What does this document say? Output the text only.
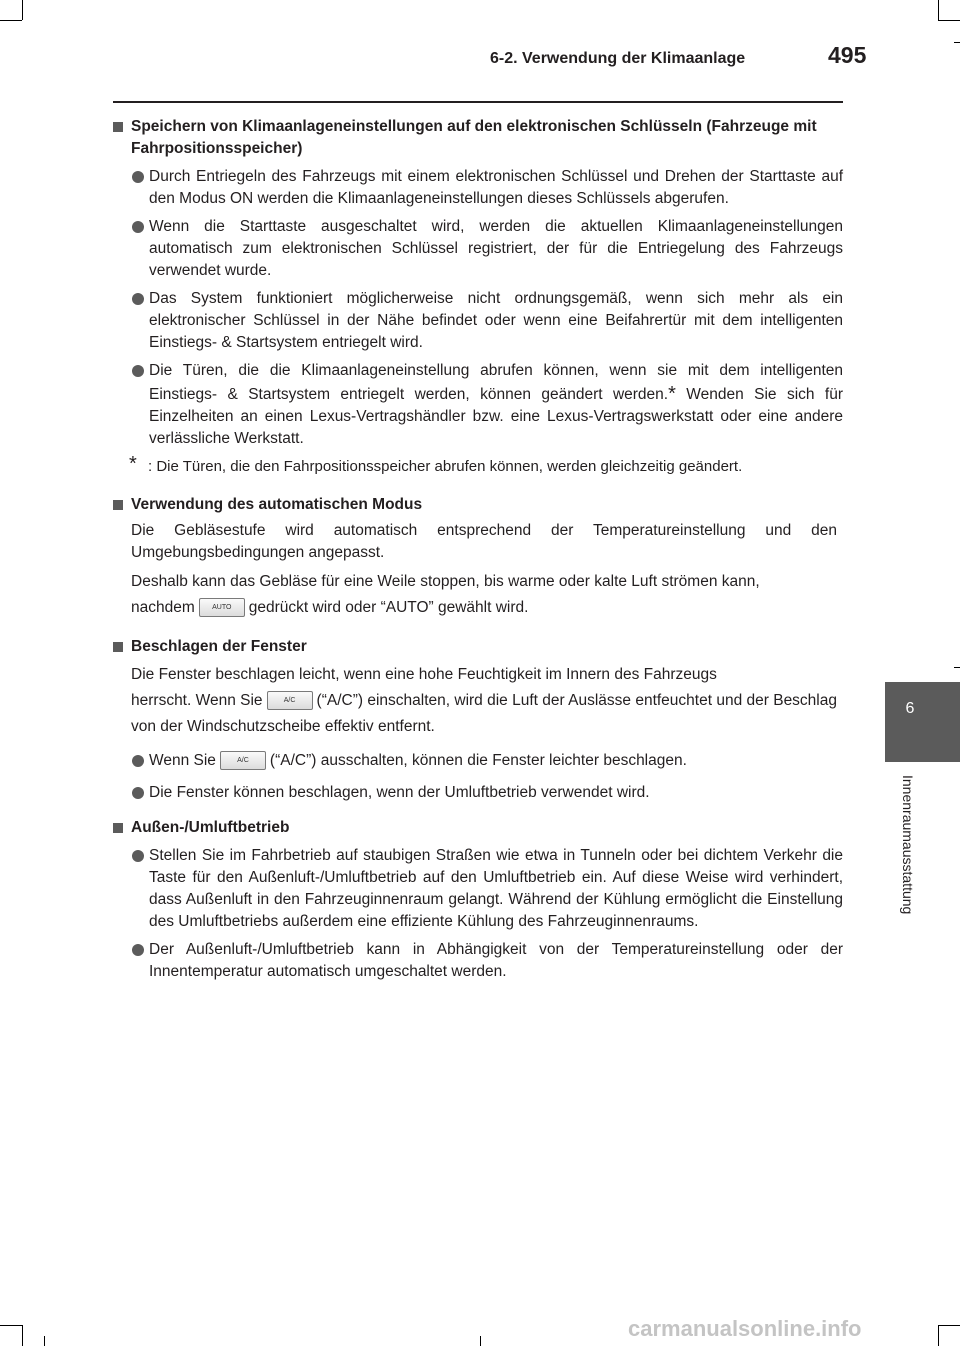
6-2. Verwendung der Klimaanlage	495
6
Innenraumausstattung
Speichern von Klimaanlageneinstellungen auf den elektronischen Schlüsseln (Fahrzeuge mit Fahrpositionsspeicher)
Durch Entriegeln des Fahrzeugs mit einem elektronischen Schlüssel und Drehen der Starttaste auf den Modus ON werden die Klimaanlageneinstellungen dieses Schlüssels abgerufen.
Wenn die Starttaste ausgeschaltet wird, werden die aktuellen Klimaanlageneinstellungen automatisch zum elektronischen Schlüssel registriert, der für die Entriegelung des Fahrzeugs verwendet wurde.
Das System funktioniert möglicherweise nicht ordnungsgemäß, wenn sich mehr als ein elektronischer Schlüssel in der Nähe befindet oder wenn eine Beifahrertür mit dem intelligenten Einstiegs- & Startsystem entriegelt wird.
Die Türen, die die Klimaanlageneinstellung abrufen können, wenn sie mit dem intelligenten Einstiegs- & Startsystem entriegelt werden, können geändert werden.* Wenden Sie sich für Einzelheiten an einen Lexus-Vertragshändler bzw. eine Lexus-Vertragswerkstatt oder eine andere verlässliche Werkstatt.
* : Die Türen, die den Fahrpositionsspeicher abrufen können, werden gleichzeitig geändert.
Verwendung des automatischen Modus
Die Gebläsestufe wird automatisch entsprechend der Temperatureinstellung und den Umgebungsbedingungen angepasst.
Deshalb kann das Gebläse für eine Weile stoppen, bis warme oder kalte Luft strömen kann,
nachdem AUTO gedrückt wird oder “AUTO” gewählt wird.
Beschlagen der Fenster
Die Fenster beschlagen leicht, wenn eine hohe Feuchtigkeit im Innern des Fahrzeugs
herrscht. Wenn Sie	A/C (“A/C”) einschalten, wird die Luft der Auslässe entfeuchtet und der Beschlag von der Windschutzscheibe effektiv entfernt.
Wenn Sie	A/C (“A/C”) ausschalten, können die Fenster leichter beschlagen.
Die Fenster können beschlagen, wenn der Umluftbetrieb verwendet wird.
Außen-/Umluftbetrieb
Stellen Sie im Fahrbetrieb auf staubigen Straßen wie etwa in Tunneln oder bei dichtem Verkehr die Taste für den Außenluft-/Umluftbetrieb auf den Umluftbetrieb ein. Auf diese Weise wird verhindert, dass Außenluft in den Fahrzeuginnenraum gelangt. Während der Kühlung ermöglicht die Einstellung des Umluftbetriebs außerdem eine effiziente Kühlung des Fahrzeuginnenraums.
Der Außenluft-/Umluftbetrieb kann in Abhängigkeit von der Temperatureinstellung oder der Innentemperatur automatisch umgeschaltet werden.
carmanualsonline.info
